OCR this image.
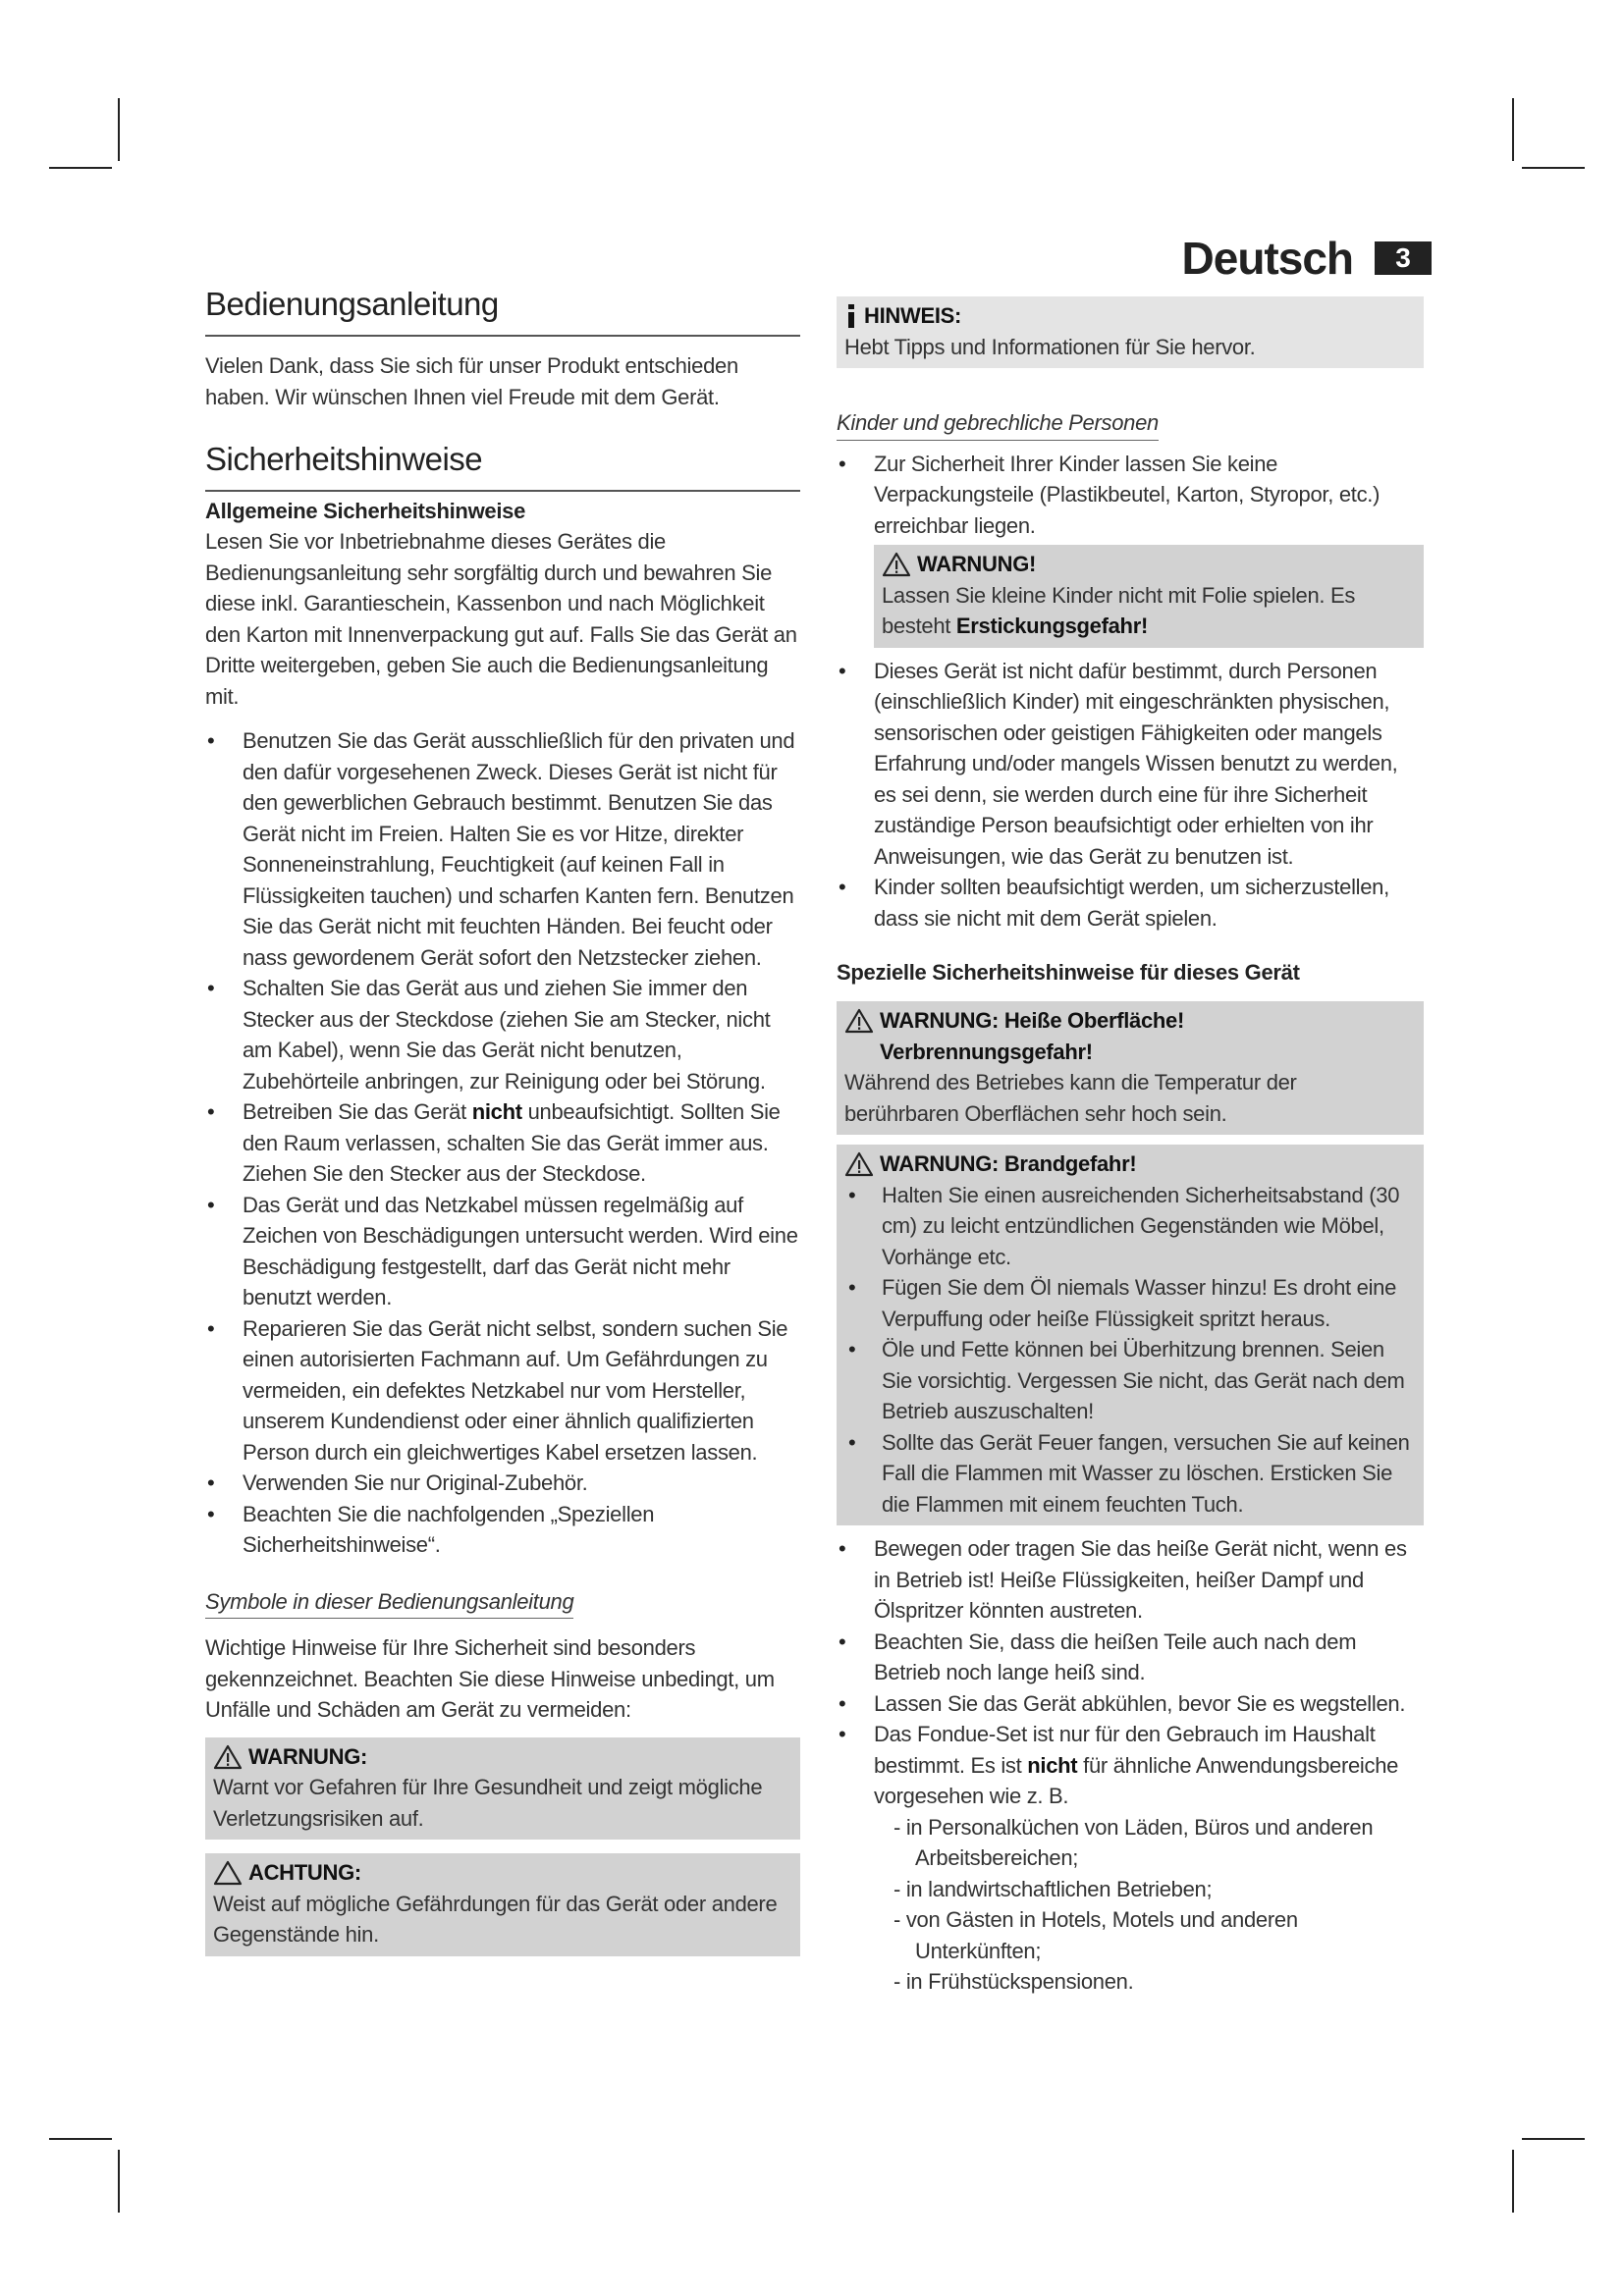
Deutsch	3
Bedienungsanleitung

Vielen Dank, dass Sie sich für unser Produkt entschieden haben. Wir wünschen Ihnen viel Freude mit dem Gerät.

Sicherheitshinweise
Allgemeine Sicherheitshinweise

Lesen Sie vor Inbetriebnahme dieses Gerätes die Bedienungsanleitung sehr sorgfältig durch und bewahren Sie diese inkl. Garantieschein, Kassenbon und nach Möglichkeit den Karton mit Innenverpackung gut auf. Falls Sie das Gerät an Dritte weitergeben, geben Sie auch die Bedienungsanleitung mit.

• Benutzen Sie das Gerät ausschließlich für den privaten und den dafür vorgesehenen Zweck. Dieses Gerät ist nicht für den gewerblichen Gebrauch bestimmt. Benutzen Sie das Gerät nicht im Freien. Halten Sie es vor Hitze, direkter Sonneneinstrahlung, Feuchtigkeit (auf keinen Fall in Flüssigkeiten tauchen) und scharfen Kanten fern. Benutzen Sie das Gerät nicht mit feuchten Händen. Bei feucht oder nass gewordenem Gerät sofort den Netzstecker ziehen.
• Schalten Sie das Gerät aus und ziehen Sie immer den Stecker aus der Steckdose (ziehen Sie am Stecker, nicht am Kabel), wenn Sie das Gerät nicht benutzen, Zubehörteile anbringen, zur Reinigung oder bei Störung.
• Betreiben Sie das Gerät nicht unbeaufsichtigt. Sollten Sie den Raum verlassen, schalten Sie das Gerät immer aus. Ziehen Sie den Stecker aus der Steckdose.
• Das Gerät und das Netzkabel müssen regelmäßig auf Zeichen von Beschädigungen untersucht werden. Wird eine Beschädigung festgestellt, darf das Gerät nicht mehr benutzt werden.
• Reparieren Sie das Gerät nicht selbst, sondern suchen Sie einen autorisierten Fachmann auf. Um Gefährdungen zu vermeiden, ein defektes Netzkabel nur vom Hersteller, unserem Kundendienst oder einer ähnlich qualifizierten Person durch ein gleichwertiges Kabel ersetzen lassen.
• Verwenden Sie nur Original-Zubehör.
• Beachten Sie die nachfolgenden „Speziellen Sicherheitshinweise“.
Symbole in dieser Bedienungsanleitung

Wichtige Hinweise für Ihre Sicherheit sind besonders gekennzeichnet. Beachten Sie diese Hinweise unbedingt, um Unfälle und Schäden am Gerät zu vermeiden:

WARNUNG:

Warnt vor Gefahren für Ihre Gesundheit und zeigt mögliche Verletzungsrisiken auf.

ACHTUNG:

Weist auf mögliche Gefährdungen für das Gerät oder andere Gegenstände hin.

HINWEIS:

Hebt Tipps und Informationen für Sie hervor.

Kinder und gebrechliche Personen
• Zur Sicherheit Ihrer Kinder lassen Sie keine Verpackungsteile (Plastikbeutel, Karton, Styropor, etc.) erreichbar liegen.
WARNUNG!

Lassen Sie kleine Kinder nicht mit Folie spielen. Es besteht Erstickungsgefahr!

• Dieses Gerät ist nicht dafür bestimmt, durch Personen (einschließlich Kinder) mit eingeschränkten physischen, sensorischen oder geistigen Fähigkeiten oder mangels Erfahrung und/oder mangels Wissen benutzt zu werden, es sei denn, sie werden durch eine für ihre Sicherheit zuständige Person beaufsichtigt oder erhielten von ihr Anweisungen, wie das Gerät zu benutzen ist.
• Kinder sollten beaufsichtigt werden, um sicherzustellen, dass sie nicht mit dem Gerät spielen.
Spezielle Sicherheitshinweise für dieses Gerät
WARNUNG: Heiße Oberfläche!
Verbrennungsgefahr!

Während des Betriebes kann die Temperatur der berührbaren Oberflächen sehr hoch sein.

WARNUNG: Brandgefahr!
• Halten Sie einen ausreichenden Sicherheitsabstand (30 cm) zu leicht entzündlichen Gegenständen wie Möbel, Vorhänge etc.
• Fügen Sie dem Öl niemals Wasser hinzu! Es droht eine Verpuffung oder heiße Flüssigkeit spritzt heraus.
• Öle und Fette können bei Überhitzung brennen. Seien Sie vorsichtig. Vergessen Sie nicht, das Gerät nach dem Betrieb auszuschalten!
• Sollte das Gerät Feuer fangen, versuchen Sie auf keinen Fall die Flammen mit Wasser zu löschen. Ersticken Sie die Flammen mit einem feuchten Tuch.
• Bewegen oder tragen Sie das heiße Gerät nicht, wenn es in Betrieb ist! Heiße Flüssigkeiten, heißer Dampf und Ölspritzer könnten austreten.
• Beachten Sie, dass die heißen Teile auch nach dem Betrieb noch lange heiß sind.
• Lassen Sie das Gerät abkühlen, bevor Sie es wegstellen.
• Das Fondue-Set ist nur für den Gebrauch im Haushalt bestimmt. Es ist nicht für ähnliche Anwendungsbereiche vorgesehen wie z. B.
- in Personalküchen von Läden, Büros und anderen Arbeitsbereichen;
- in landwirtschaftlichen Betrieben;
- von Gästen in Hotels, Motels und anderen Unterkünften;
- in Frühstückspensionen.
